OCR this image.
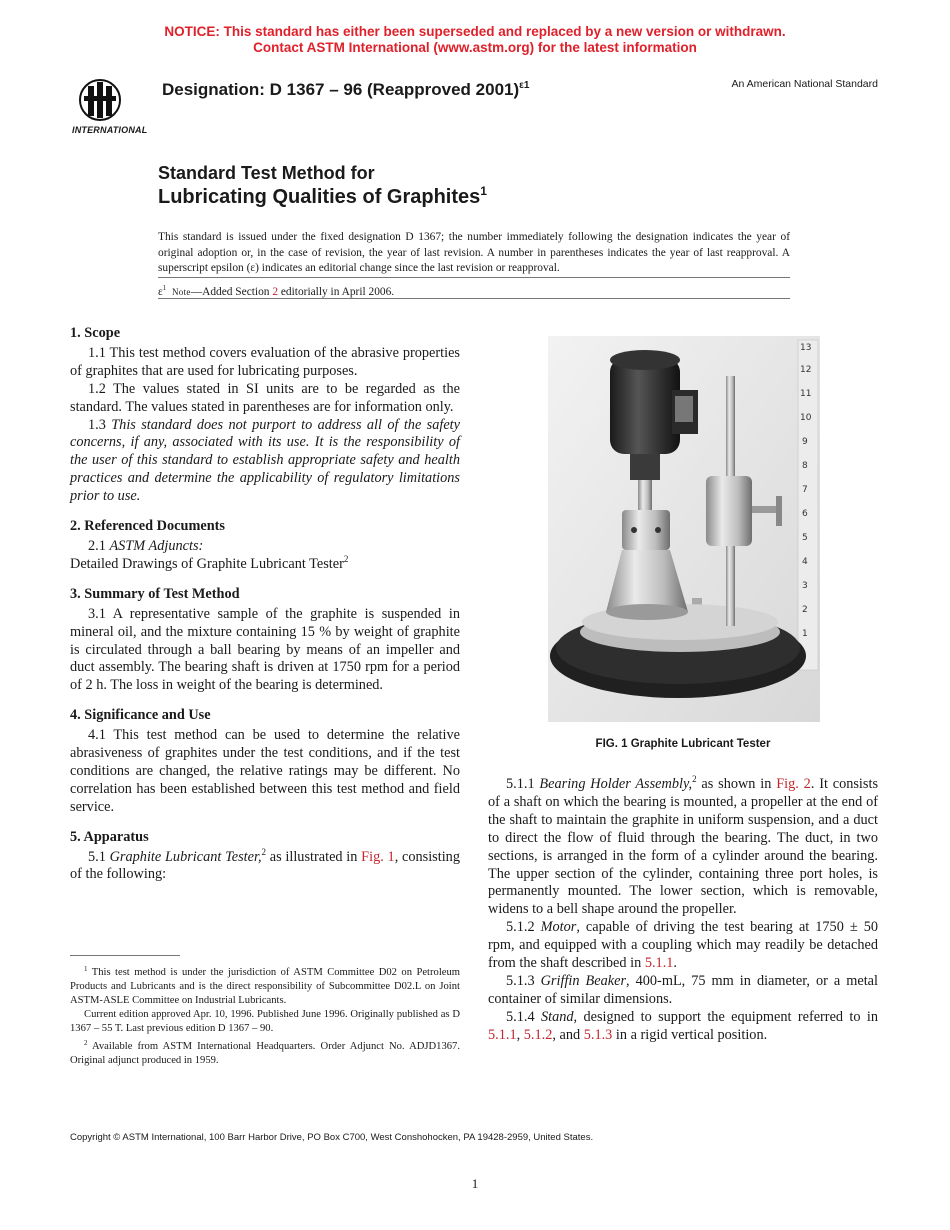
NOTICE: This standard has either been superseded and replaced by a new version or withdrawn.
Contact ASTM International (www.astm.org) for the latest information
INTERNATIONAL
Designation: D 1367 – 96 (Reapproved 2001)$^{\varepsilon 1}$	An American National Standard
Standard Test Method for
Lubricating Qualities of Graphites$^1$
This standard is issued under the fixed designation D 1367; the number immediately following the designation indicates the year of original adoption or, in the case of revision, the year of last revision. A number in parentheses indicates the year of last reapproval. A superscript epsilon (ε) indicates an editorial change since the last revision or reapproval.
$\varepsilon^1$ Note—Added Section 2 editorially in April 2006.
1. Scope

1.1 This test method covers evaluation of the abrasive properties of graphites that are used for lubricating purposes.

1.2 The values stated in SI units are to be regarded as the standard. The values stated in parentheses are for information only.

1.3 This standard does not purport to address all of the safety concerns, if any, associated with its use. It is the responsibility of the user of this standard to establish appropriate safety and health practices and determine the applicability of regulatory limitations prior to use.

2. Referenced Documents

2.1 ASTM Adjuncts:

Detailed Drawings of Graphite Lubricant Tester$^2$

3. Summary of Test Method

3.1 A representative sample of the graphite is suspended in mineral oil, and the mixture containing 15 % by weight of graphite is circulated through a ball bearing by means of an impeller and duct assembly. The bearing shaft is driven at 1750 rpm for a period of 2 h. The loss in weight of the bearing is determined.

4. Significance and Use

4.1 This test method can be used to determine the relative abrasiveness of graphites under the test conditions, and if the test conditions are changed, the relative ratings may be different. No correlation has been established between this test method and field service.

5. Apparatus

5.1 Graphite Lubricant Tester,$^2$ as illustrated in Fig. 1, consisting of the following:

$^1$ This test method is under the jurisdiction of ASTM Committee D02 on Petroleum Products and Lubricants and is the direct responsibility of Subcommittee D02.L on Joint ASTM-ASLE Committee on Industrial Lubricants.

Current edition approved Apr. 10, 1996. Published June 1996. Originally published as D 1367 – 55 T. Last previous edition D 1367 – 90.

$^2$ Available from ASTM International Headquarters. Order Adjunct No. ADJD1367. Original adjunct produced in 1959.

1
2
3
4
5
6
7
8
9
10
11
12
13
FIG. 1 Graphite Lubricant Tester

5.1.1 Bearing Holder Assembly,$^2$ as shown in Fig. 2. It consists of a shaft on which the bearing is mounted, a propeller at the end of the shaft to maintain the graphite in uniform suspension, and a duct to direct the flow of fluid through the bearing. The duct, in two sections, is arranged in the form of a cylinder around the bearing. The upper section of the cylinder, containing three port holes, is permanently mounted. The lower section, which is removable, widens to a bell shape around the propeller.

5.1.2 Motor, capable of driving the test bearing at 1750 ± 50 rpm, and equipped with a coupling which may readily be detached from the shaft described in 5.1.1.

5.1.3 Griffin Beaker, 400-mL, 75 mm in diameter, or a metal container of similar dimensions.

5.1.4 Stand, designed to support the equipment referred to in 5.1.1, 5.1.2, and 5.1.3 in a rigid vertical position.

Copyright © ASTM International, 100 Barr Harbor Drive, PO Box C700, West Conshohocken, PA 19428-2959, United States.
1
